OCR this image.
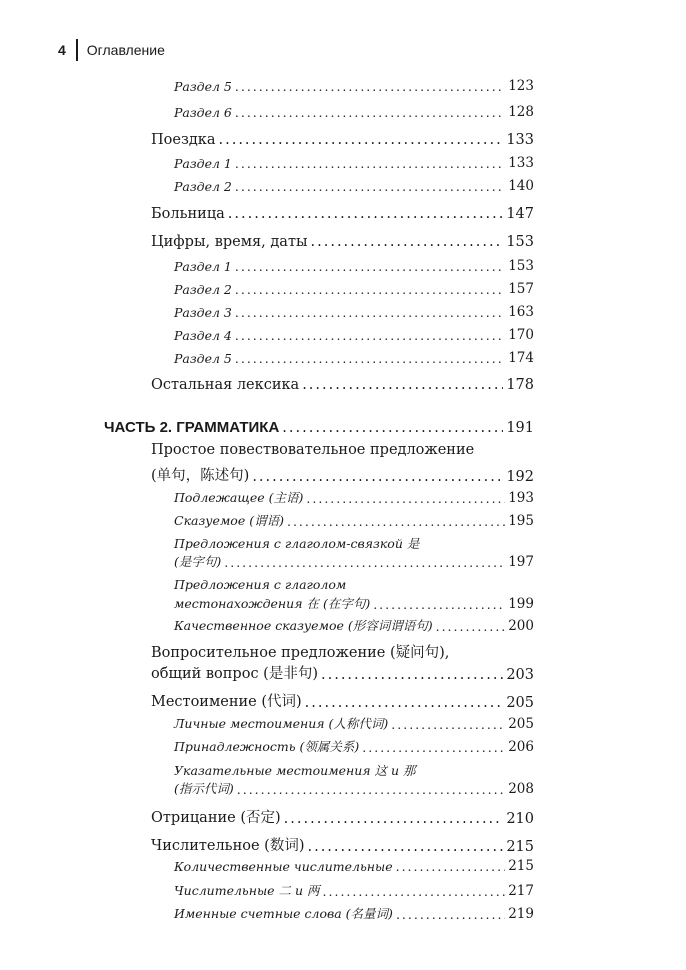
4 Оглавление
Раздел 5 .....	123
Раздел 6 .....	128
Поездка .....	133
Раздел 1 .....	133
Раздел 2 .....	140
Больница .....	147
Цифры, время, даты .....	153
Раздел 1 .....	153
Раздел 2 .....	157
Раздел 3 .....	163
Раздел 4 .....	170
Раздел 5 .....	174
Остальная лексика .....	178
ЧАСТЬ 2. ГРАММАТИКА .....	191
Простое повествовательное предложение
(单句，陈述句) .....	192
Подлежащее (主语) .....	193
Сказуемое (谓语) .....	195
Предложения с глаголом-связкой 是
(是字句) .....	197
Предложения с глаголом
местонахождения 在 (在字句) .....	199
Качественное сказуемое (形容词谓语句) .....	200
Вопросительное предложение (疑问句),
общий вопрос (是非句) .....	203
Местоимение (代词) .....	205
Личные местоимения (人称代词) .....	205
Принадлежность (领属关系) .....	206
Указательные местоимения 这 и 那
(指示代词) .....	208
Отрицание (否定) .....	210
Числительное (数词) .....	215
Количественные числительные .....	215
Числительные 二 и 两 .....	217
Именные счетные слова (名量词) .....	219
